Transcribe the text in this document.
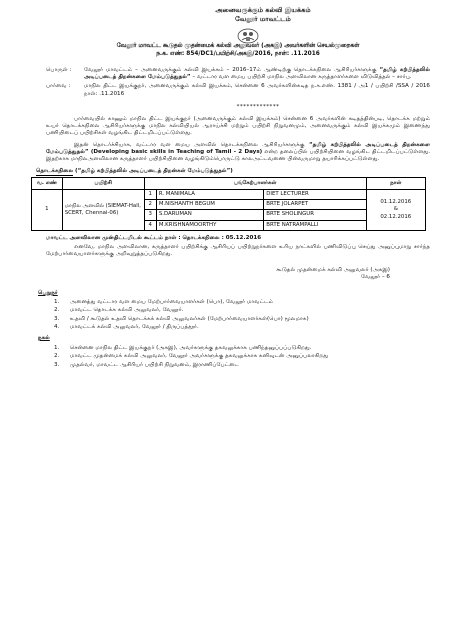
அனைவருக்கும் கல்வி இயக்கம்
வேலூர் மாவட்டம்
வேலூர் மாவட்ட கூடுதல் முதன்மைக் கல்வி அலுவலர் (அகஇ) அவர்களின் செயல்முறைகள்
ந.க. எண்: 854/DC1/பயிற்சி/அகஇ/2016, நாள்: .11.2016
பொருள் :	வேலூர் மாவட்டம் – அனைவருக்கும் கல்வி இயக்கம் – 2016–17ம் ஆண்டிற்கு தொடக்கநிலை ஆசிரியர்களுக்கு “தமிழ் கற்பித்தலில் அடிப்படைத் திறன்களை மேம்படுத்துதல்” – வட்டார வள மைய பயிற்சி மாநில அளவிலான கருத்தாளர்களை விடுவித்தல் – சார்பு.
பார்வை :	மாநில திட்ட இயக்குநர், அனைவருக்கும் கல்வி இயக்கம், சென்னை 6 அவர்களின்கடித ந.க.எண். 1381 / அ1 / பயிற்சி /SSA / 2016 நாள்: .11.2016
*************
பார்வையில் காணும் மாநில திட்ட இயக்குநர் (அனைவருக்கும் கல்வி இயக்கம்) சென்னை 6 அவர்களின் கடிதத்தின்படி, தொடக்க மற்றும் உயர் தொடக்கநிலை ஆசிரியர்களுக்கு மாநில கல்வியியல் ஆராய்ச்சி மற்றும் பயிற்சி நிறுவனமும், அனைவருக்கும் கல்வி இயக்கமும் இணைந்து பணியிடைப் பயிற்சிகள் வழங்கிட திட்டமிடப்பட்டுள்ளது.
இதன் தொடர்ச்சியாக, வட்டார வள மைய அளவில் தொடக்கநிலை ஆசிரியர்களுக்கு “தமிழ் கற்பித்தலில் அடிப்படைத் திறன்களை மேம்படுத்துதல்” (Developing basic skills in Teaching of Tamil - 2 Days) என்ற தலைப்பில் பயிற்சியினை வழங்கிட திட்டமிடப்பட்டுள்ளது. இதற்காக மாநிலஅளவிலான கருத்தாளர் பயிற்சியினை வழங்கிடும்பொருட்டு காலஅட்டவணை பின்வருமாறு தயாரிக்கப்பட்டுள்ளது.
தொடக்கநிலை (“தமிழ் கற்பித்தலில் அடிப்படைத் திறன்கள் மேம்படுத்துதல்”)
வ. எண்	பயிற்சி	பங்கேற்பாளர்கள்			நாள்
1	மாநில அளவில் (SIEMAT-Hall, SCERT, Chennai-06)	1	R. MANIMALA	DIET LECTURER	01.12.2016
&
02.12.2016

		2	M.NISHANTH BEGUM	BRTE JOLARPET	
		3	S.DARUMAN	BRTE SHOLINGUR	
		4	M.KRISHNAMOORTHY	BRTE NATRAMPALLI	
மாவட்ட அளவிலான முன்திட்டமிடல் கூட்டம் நாள் : தொடக்கநிலை : 05.12.2016
எனவே, மாநில அளவிலான, கருத்தாளர் பயிற்சிக்கு ஆசிரியப் பயிற்றுநர்களை உரிய நாட்களில் பணிவிடுப்பு செய்து அனுப்புமாறு சார்ந்த மேற்பார்வையாளர்களுக்கு அறிவுறுத்தப்படுகிறது.
கூடுதல் முதன்மைக் கல்வி அலுவலர் (அகஇ)
வேலூர் – 6
பெறுநர்
1.	அனைத்து வட்டார வள மைய மேற்பார்வையாளர்கள் (பொ), வேலூர் மாவட்டம்
2.	மாவட்ட தொடக்க கல்வி அலுவலர், வேலூர்.
3.	உதவி / கூடுதல் உதவி தொடக்கக் கல்வி அலுவலர்கள் (மேற்பார்வையாளர்கள்(பொ) மூலமாக)
4.	மாவட்டக் கல்வி அலுவலர், வேலூர் / திருப்பத்தூர்.
நகல்
1.	சென்னை மாநில திட்ட இயக்குநர் (அகஇ), அவர்களுக்கு தகவலுக்காக பணிந்தனுப்பப்படுகிறது.
2.	மாவட்ட முதன்மைக் கல்வி அலுவலர், வேலூர் அவர்களுக்கு தகவலுக்காக கனிவுடன் அனுப்பலாகிறது
3.	முதல்வர், மாவட்ட ஆசிரியர் பயிற்சி நிறுவனம், இராணிப்பேட்டை
